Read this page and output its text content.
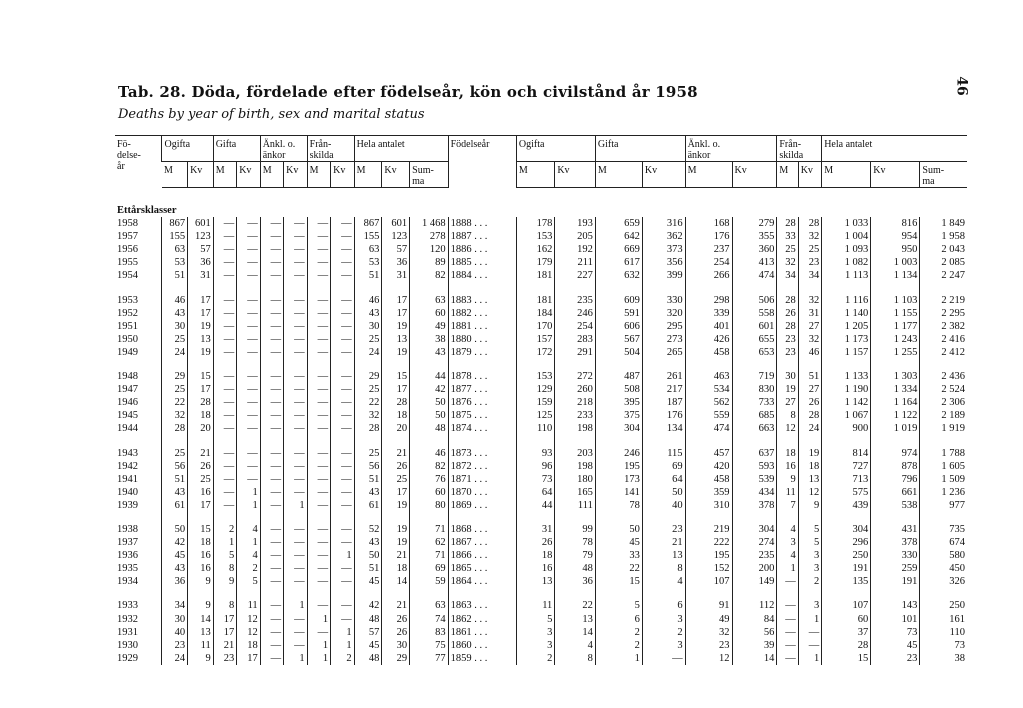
46
Tab. 28. Döda, fördelade efter födelseår, kön och civilstånd år 1958
Deaths by year of birth, sex and marital status
Fö-
delse-
år	Ogifta		Gifta		Änkl. o.
änkor		Från-
skilda		Hela antalet			Födelseår	Ogifta		Gifta		Änkl. o.
änkor		Från-
skilda		Hela antalet		
	M	Kv	M	Kv	M	Kv	M	Kv	M	Kv	Sum-
ma		M	Kv	M	Kv	M	Kv	M	Kv	M	Kv	Sum-
ma
Ettårsklasser																							
1958	867	601	—	—	—	—	—	—	867	601	1 468	1888 . . .	178	193	659	316	168	279	28	28	1 033	816	1 849
1957	155	123	—	—	—	—	—	—	155	123	278	1887 . . .	153	205	642	362	176	355	33	32	1 004	954	1 958
1956	63	57	—	—	—	—	—	—	63	57	120	1886 . . .	162	192	669	373	237	360	25	25	1 093	950	2 043
1955	53	36	—	—	—	—	—	—	53	36	89	1885 . . .	179	211	617	356	254	413	32	23	1 082	1 003	2 085
1954	51	31	—	—	—	—	—	—	51	31	82	1884 . . .	181	227	632	399	266	474	34	34	1 113	1 134	2 247

1953	46	17	—	—	—	—	—	—	46	17	63	1883 . . .	181	235	609	330	298	506	28	32	1 116	1 103	2 219
1952	43	17	—	—	—	—	—	—	43	17	60	1882 . . .	184	246	591	320	339	558	26	31	1 140	1 155	2 295
1951	30	19	—	—	—	—	—	—	30	19	49	1881 . . .	170	254	606	295	401	601	28	27	1 205	1 177	2 382
1950	25	13	—	—	—	—	—	—	25	13	38	1880 . . .	157	283	567	273	426	655	23	32	1 173	1 243	2 416
1949	24	19	—	—	—	—	—	—	24	19	43	1879 . . .	172	291	504	265	458	653	23	46	1 157	1 255	2 412

1948	29	15	—	—	—	—	—	—	29	15	44	1878 . . .	153	272	487	261	463	719	30	51	1 133	1 303	2 436
1947	25	17	—	—	—	—	—	—	25	17	42	1877 . . .	129	260	508	217	534	830	19	27	1 190	1 334	2 524
1946	22	28	—	—	—	—	—	—	22	28	50	1876 . . .	159	218	395	187	562	733	27	26	1 142	1 164	2 306
1945	32	18	—	—	—	—	—	—	32	18	50	1875 . . .	125	233	375	176	559	685	8	28	1 067	1 122	2 189
1944	28	20	—	—	—	—	—	—	28	20	48	1874 . . .	110	198	304	134	474	663	12	24	900	1 019	1 919

1943	25	21	—	—	—	—	—	—	25	21	46	1873 . . .	93	203	246	115	457	637	18	19	814	974	1 788
1942	56	26	—	—	—	—	—	—	56	26	82	1872 . . .	96	198	195	69	420	593	16	18	727	878	1 605
1941	51	25	—	—	—	—	—	—	51	25	76	1871 . . .	73	180	173	64	458	539	9	13	713	796	1 509
1940	43	16	—	1	—	—	—	—	43	17	60	1870 . . .	64	165	141	50	359	434	11	12	575	661	1 236
1939	61	17	—	1	—	1	—	—	61	19	80	1869 . . .	44	111	78	40	310	378	7	9	439	538	977

1938	50	15	2	4	—	—	—	—	52	19	71	1868 . . .	31	99	50	23	219	304	4	5	304	431	735
1937	42	18	1	1	—	—	—	—	43	19	62	1867 . . .	26	78	45	21	222	274	3	5	296	378	674
1936	45	16	5	4	—	—	—	1	50	21	71	1866 . . .	18	79	33	13	195	235	4	3	250	330	580
1935	43	16	8	2	—	—	—	—	51	18	69	1865 . . .	16	48	22	8	152	200	1	3	191	259	450
1934	36	9	9	5	—	—	—	—	45	14	59	1864 . . .	13	36	15	4	107	149	—	2	135	191	326

1933	34	9	8	11	—	1	—	—	42	21	63	1863 . . .	11	22	5	6	91	112	—	3	107	143	250
1932	30	14	17	12	—	—	1	—	48	26	74	1862 . . .	5	13	6	3	49	84	—	1	60	101	161
1931	40	13	17	12	—	—	—	1	57	26	83	1861 . . .	3	14	2	2	32	56	—	—	37	73	110
1930	23	11	21	18	—	—	1	1	45	30	75	1860 . . .	3	4	2	3	23	39	—	—	28	45	73
1929	24	9	23	17	—	1	1	2	48	29	77	1859 . . .	2	8	1	—	12	14	—	1	15	23	38
